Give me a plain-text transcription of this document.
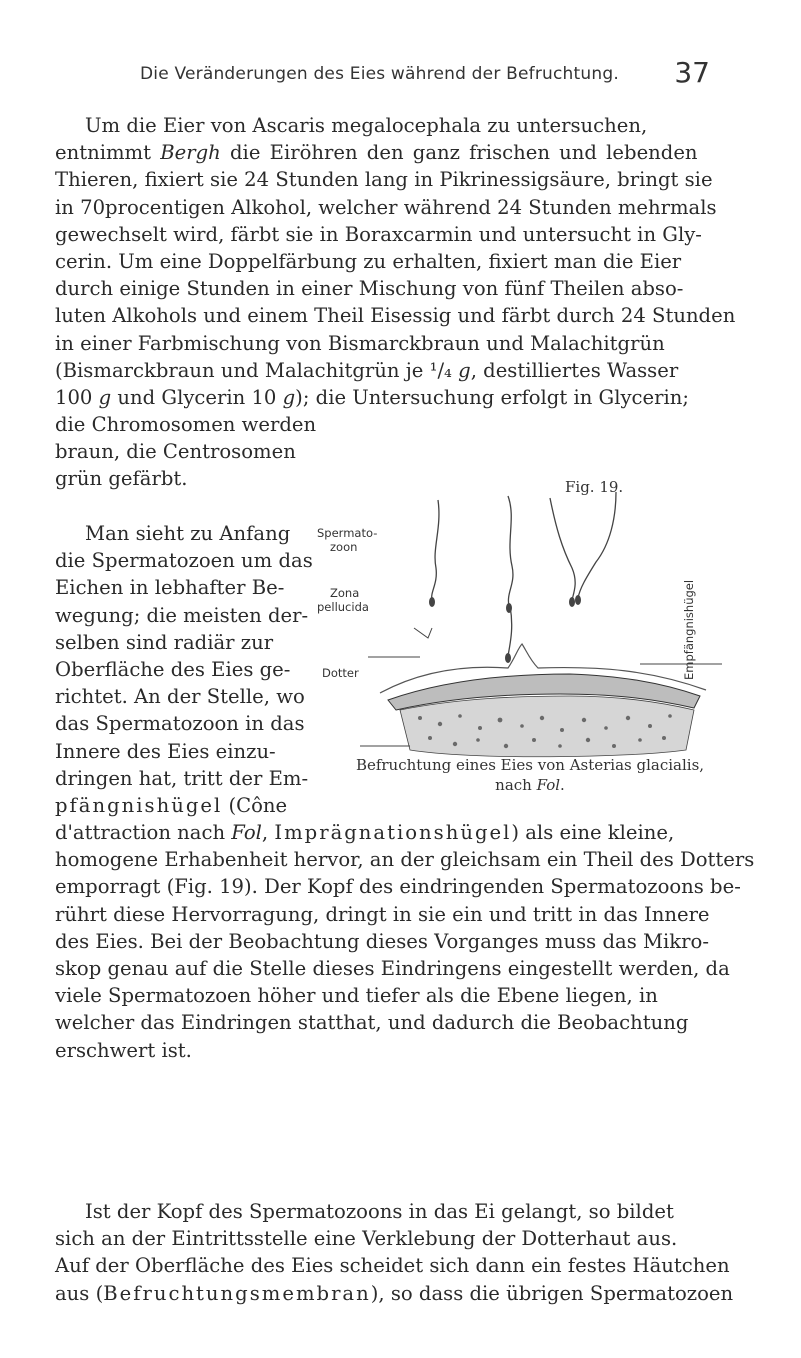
Die Veränderungen des Eies während der Befruchtung. 37
Um die Eier von Ascaris megalocephala zu untersuchen,
entnimmt Bergh die Eiröhren den ganz frischen und lebenden
Thieren, fixiert sie 24 Stunden lang in Pikrinessigsäure, bringt sie
in 70procentigen Alkohol, welcher während 24 Stunden mehrmals
gewechselt wird, färbt sie in Boraxcarmin und untersucht in Gly-
cerin. Um eine Doppelfärbung zu erhalten, fixiert man die Eier
durch einige Stunden in einer Mischung von fünf Theilen abso-
luten Alkohols und einem Theil Eisessig und färbt durch 24 Stunden
in einer Farbmischung von Bismarckbraun und Malachitgrün
(Bismarckbraun und Malachitgrün je ¹/₄ g, destilliertes Wasser
100 g und Glycerin 10 g); die Untersuchung erfolgt in Glycerin;
die Chromosomen werden
braun, die Centrosomen
grün gefärbt.
Man sieht zu Anfang
die Spermatozoen um das
Eichen in lebhafter Be-
wegung; die meisten der-
selben sind radiär zur
Oberfläche des Eies ge-
richtet. An der Stelle, wo
das Spermatozoon in das
Innere des Eies einzu-
dringen hat, tritt der Em-
pfängnishügel (Cône
d'attraction nach Fol, Imprägnationshügel) als eine kleine,
homogene Erhabenheit hervor, an der gleichsam ein Theil des Dotters
emporragt (Fig. 19). Der Kopf des eindringenden Spermatozoons be-
rührt diese Hervorragung, dringt in sie ein und tritt in das Innere
des Eies. Bei der Beobachtung dieses Vorganges muss das Mikro-
skop genau auf die Stelle dieses Eindringens eingestellt werden, da
viele Spermatozoen höher und tiefer als die Ebene liegen, in
welcher das Eindringen statthat, und dadurch die Beobachtung
erschwert ist.
Ist der Kopf des Spermatozoons in das Ei gelangt, so bildet
sich an der Eintrittsstelle eine Verklebung der Dotterhaut aus.
Auf der Oberfläche des Eies scheidet sich dann ein festes Häutchen
aus (Befruchtungsmembran), so dass die übrigen Spermatozoen
Fig. 19.
Spermato-
zoon
Zona
pellucida
Dotter	Empfängnishügel
Befruchtung eines Eies von Asterias glacialis,
nach Fol.
